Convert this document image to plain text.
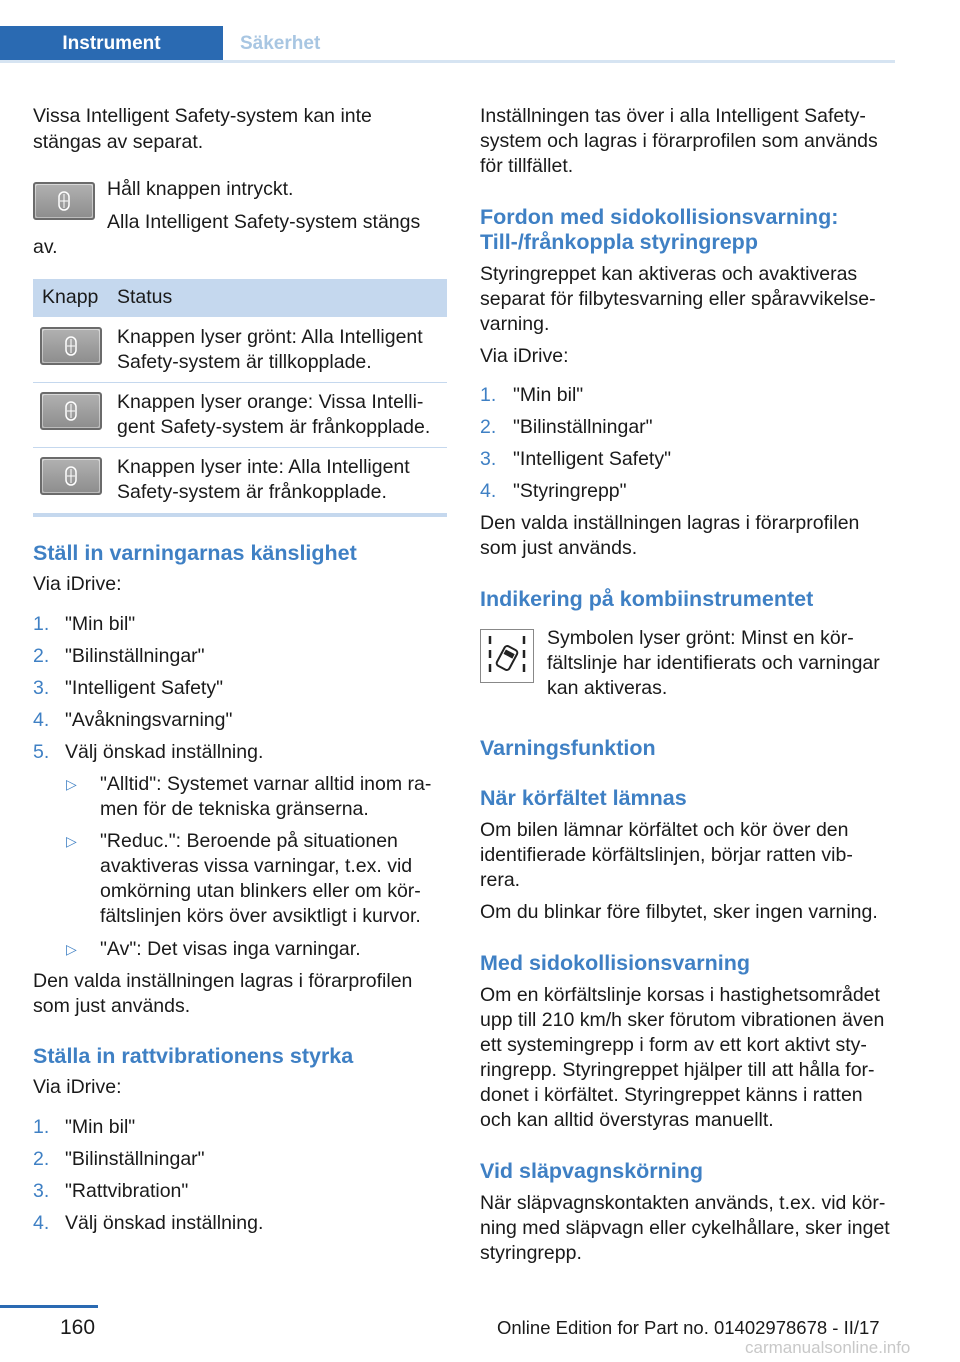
Instrument	Säkerhet

Vissa Intelligent Safety-system kan inte stängas av separat.

Håll knappen intryckt.

Alla Intelligent Safety-system stängs

av.

Knapp Status

Knappen lyser grönt: Alla Intelligent

Safety-system är tillkopplade.

Knappen lyser orange: Vissa Intelli-

gent Safety-system är frånkopplade.

Knappen lyser inte: Alla Intelligent

Safety-system är frånkopplade.

Ställ in varningarnas känslighet

Via iDrive:

1. "Min bil"

2. "Bilinställningar"

3. "Intelligent Safety"

4. "Avåkningsvarning"

5. Välj önskad inställning.

▷ "Alltid": Systemet varnar alltid inom ra-

men för de tekniska gränserna.

▷ "Reduc.": Beroende på situationen

avaktiveras vissa varningar, t.ex. vid

omkörning utan blinkers eller om kör-

fältslinjen körs över avsiktligt i kurvor.

▷ "Av": Det visas inga varningar.

Den valda inställningen lagras i förarprofilen

som just används.

Ställa in rattvibrationens styrka

Via iDrive:

1. "Min bil"

2. "Bilinställningar"

3. "Rattvibration"

4. Välj önskad inställning.

Inställningen tas över i alla Intelligent Safety-

system och lagras i förarprofilen som används

för tillfället.

Fordon med sidokollisionsvarning:

Till-/frånkoppla styringrepp

Styringreppet kan aktiveras och avaktiveras

separat för filbytesvarning eller spåravvikelse-

varning.

Via iDrive:

1. "Min bil"

2. "Bilinställningar"

3. "Intelligent Safety"

4. "Styringrepp"

Den valda inställningen lagras i förarprofilen

som just används.

Indikering på kombiinstrumentet

Symbolen lyser grönt: Minst en kör-

fältslinje har identifierats och varningar

kan aktiveras.

Varningsfunktion

När körfältet lämnas

Om bilen lämnar körfältet och kör över den

identifierade körfältslinjen, börjar ratten vib-

rera.

Om du blinkar före filbytet, sker ingen varning.

Med sidokollisionsvarning

Om en körfältslinje korsas i hastighetsområdet

upp till 210 km/h sker förutom vibrationen även

ett systemingrepp i form av ett kort aktivt sty-

ringrepp. Styringreppet hjälper till att hålla for-

donet i körfältet. Styringreppet känns i ratten

och kan alltid överstyras manuellt.

Vid släpvagnskörning

När släpvagnskontakten används, t.ex. vid kör-

ning med släpvagn eller cykelhållare, sker inget

styringrepp.

160	Online Edition for Part no. 01402978678 - II/17
carmanualsonline.info
